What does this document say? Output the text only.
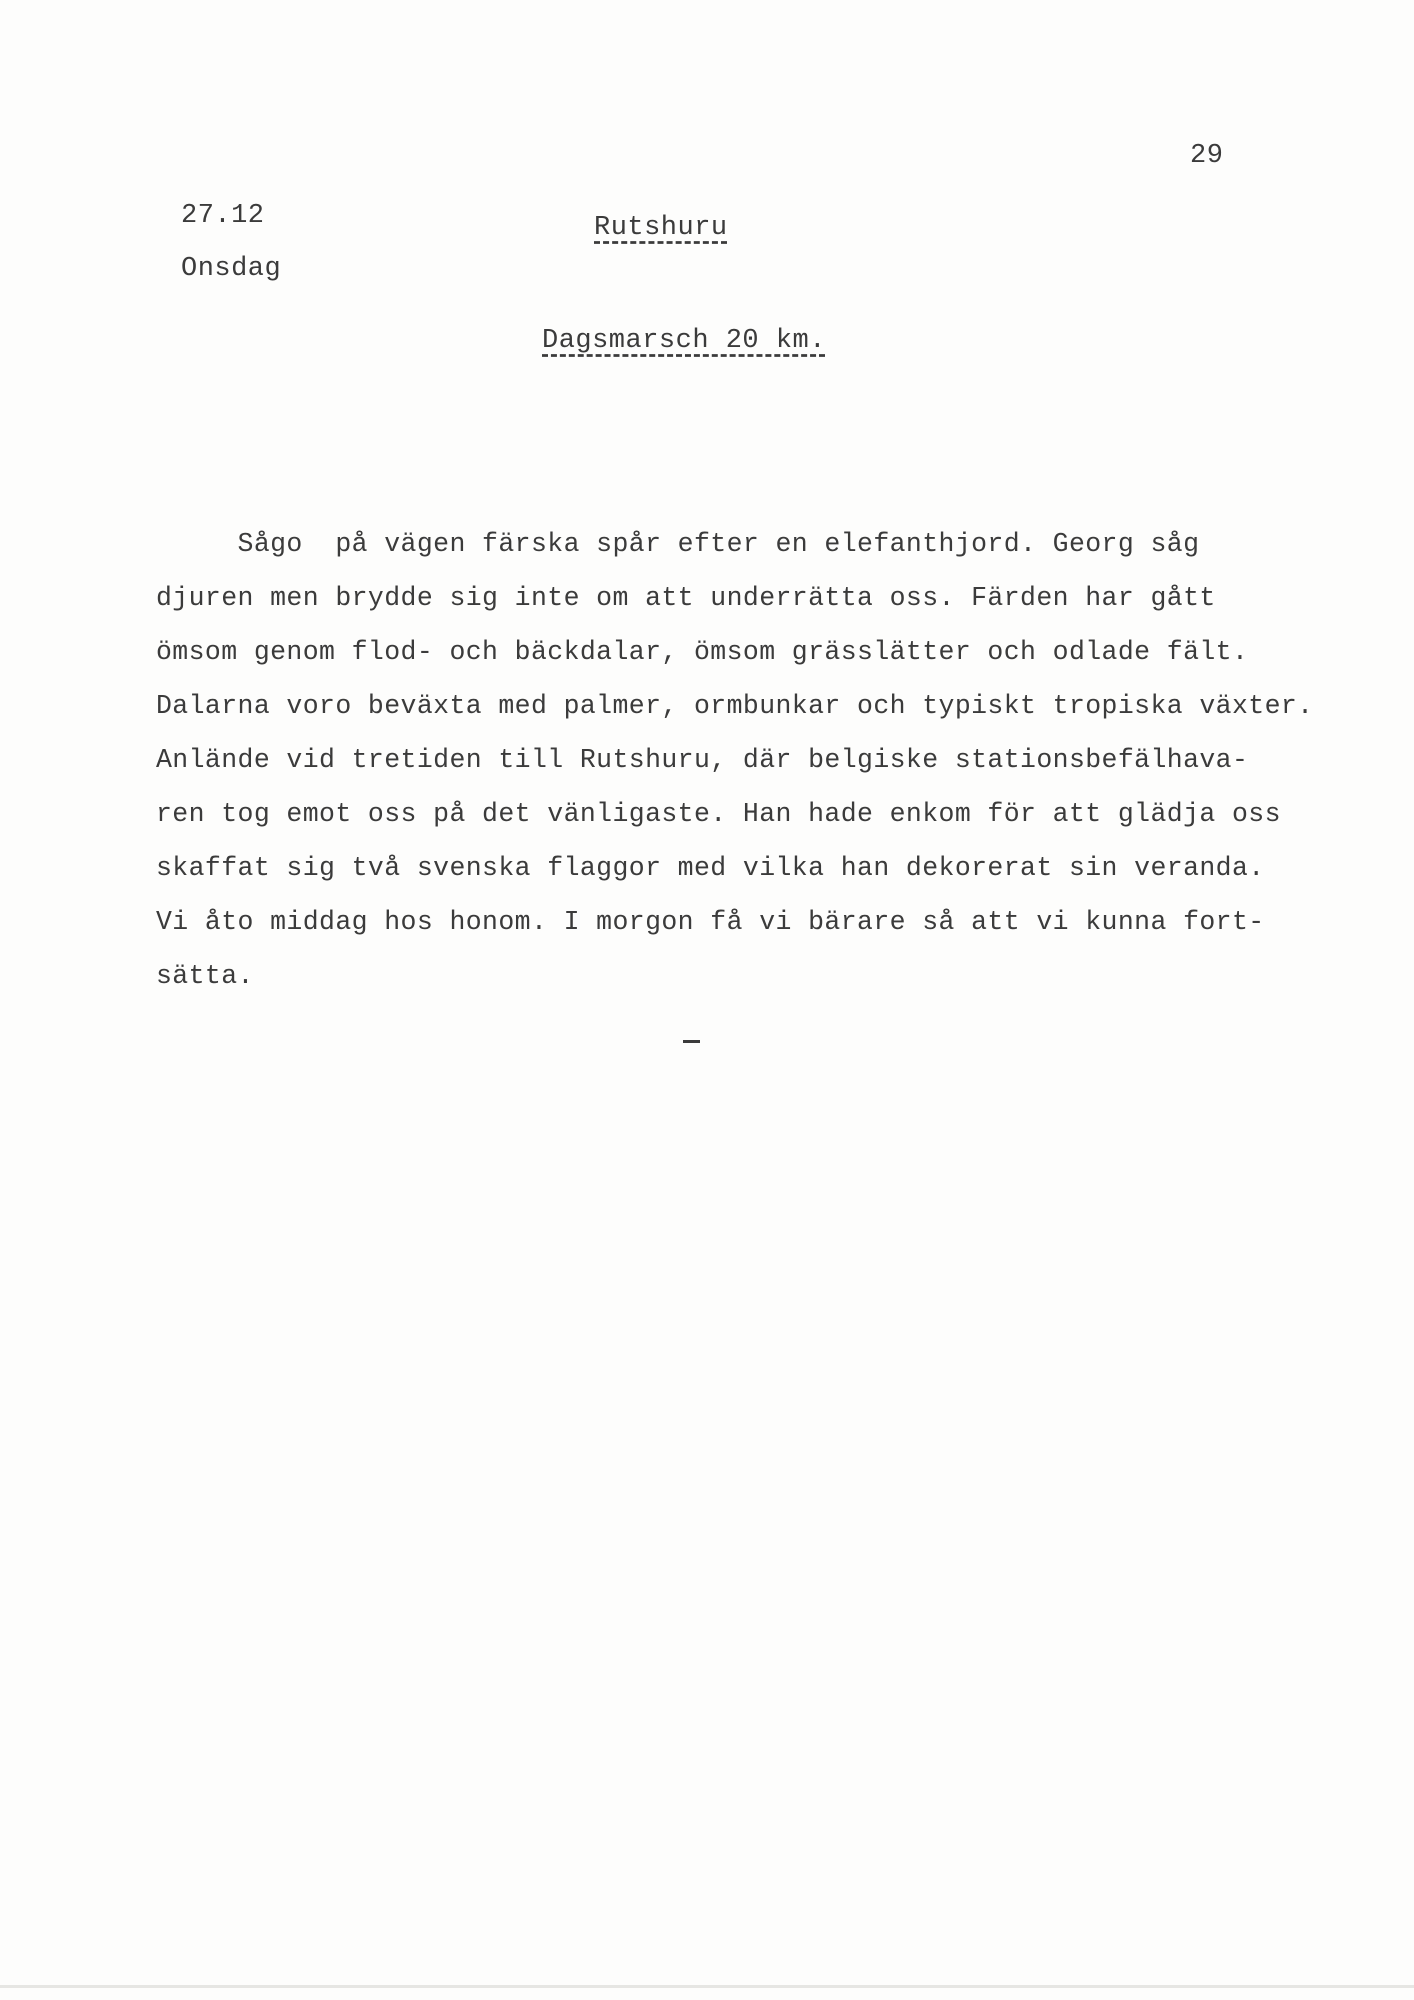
29
27.12
Onsdag
Rutshuru
Dagsmarsch 20 km.
Sågo  på vägen färska spår efter en elefanthjord. Georg såg
djuren men brydde sig inte om att underrätta oss. Färden har gått
ömsom genom flod- och bäckdalar, ömsom grässlätter och odlade fält.
Dalarna voro beväxta med palmer, ormbunkar och typiskt tropiska växter.
Anlände vid tretiden till Rutshuru, där belgiske stationsbefälhava-
ren tog emot oss på det vänligaste. Han hade enkom för att glädja oss
skaffat sig två svenska flaggor med vilka han dekorerat sin veranda.
Vi åto middag hos honom. I morgon få vi bärare så att vi kunna fort-
sätta.
